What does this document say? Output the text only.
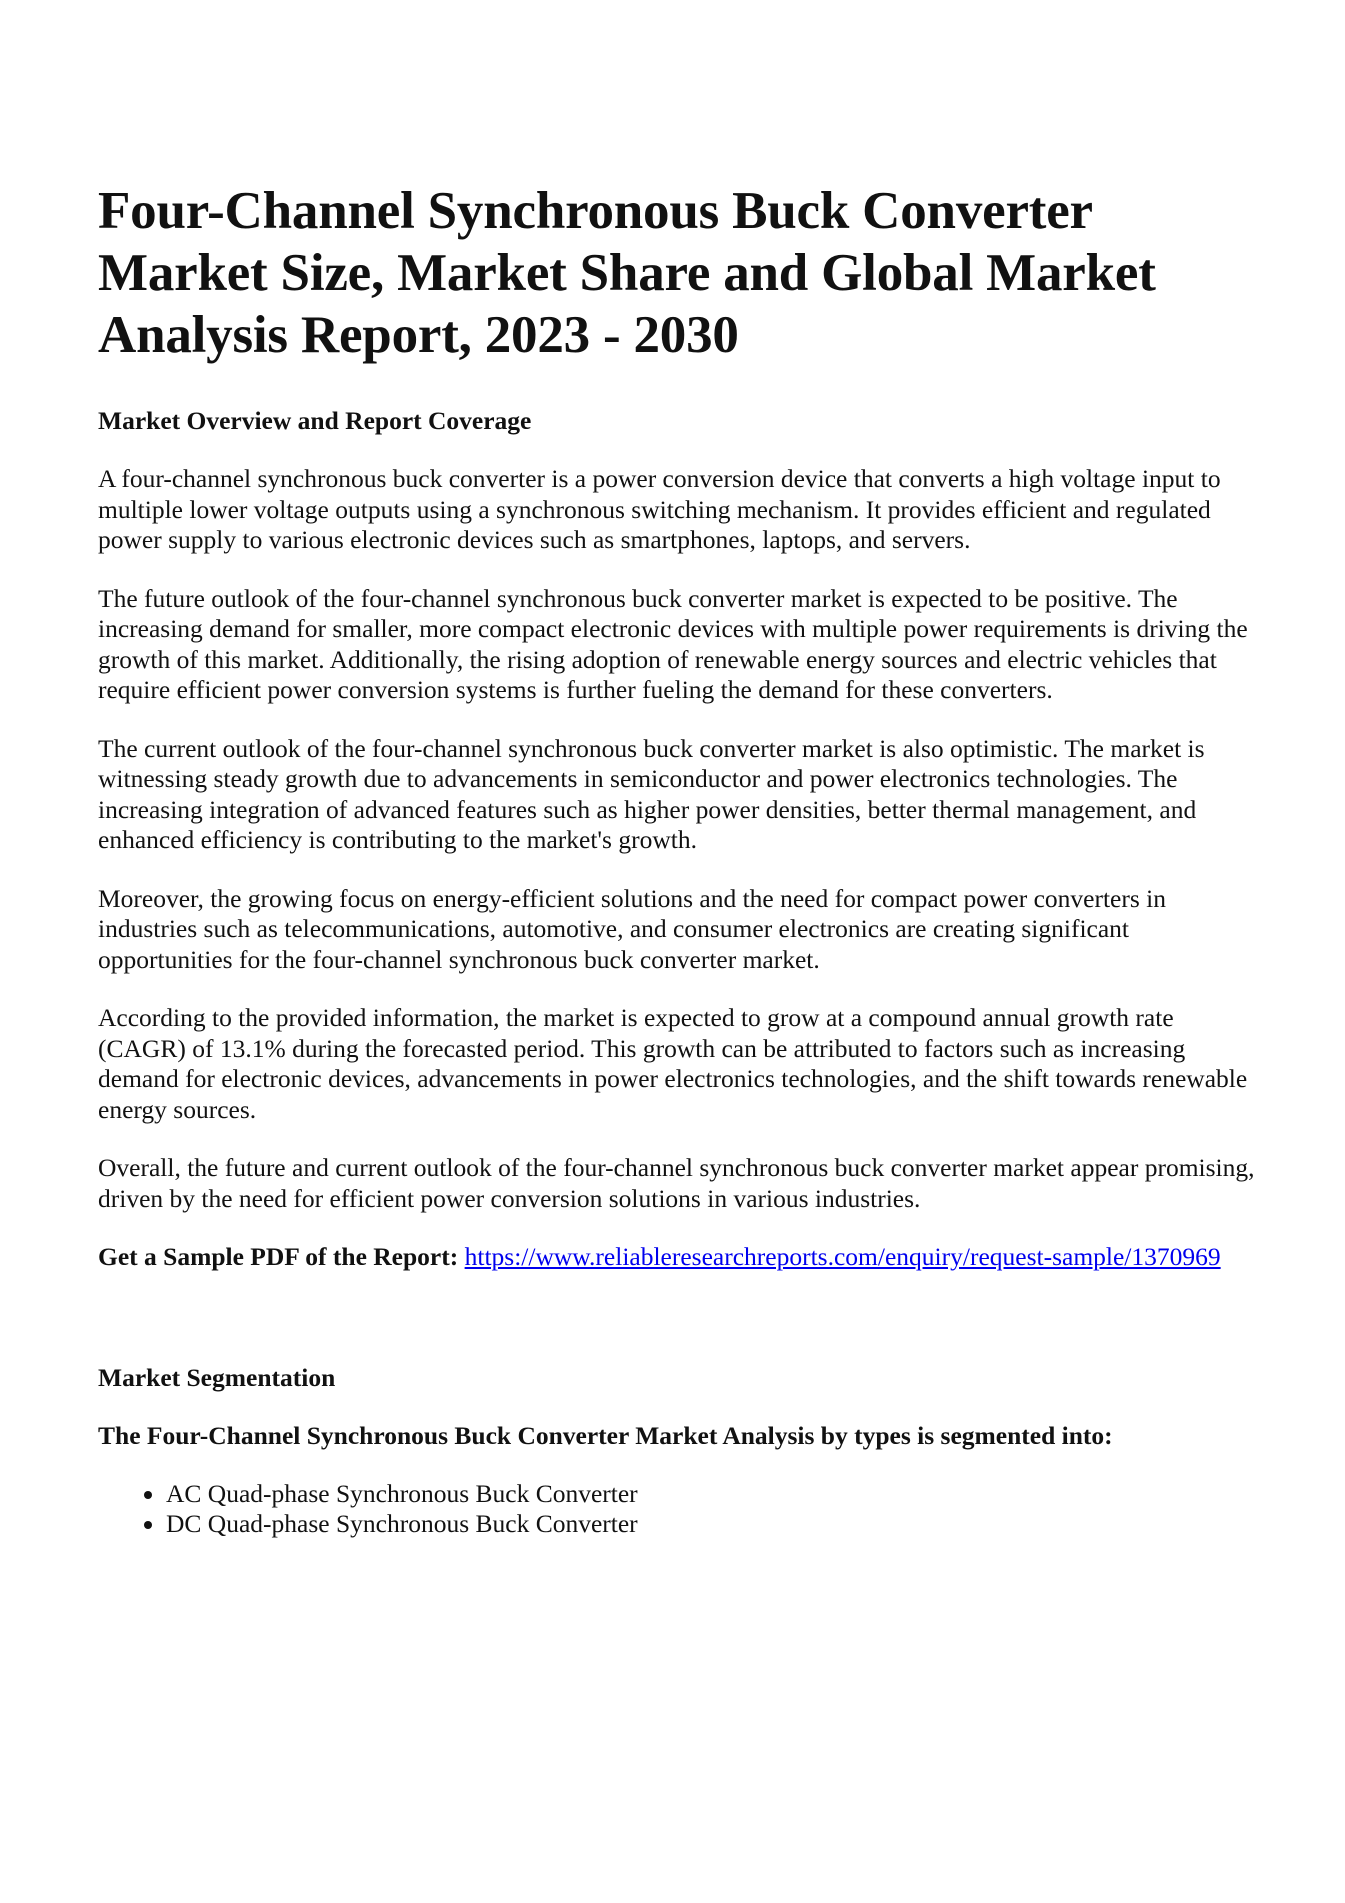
Four-Channel Synchronous Buck Converter Market Size, Market Share and Global Market Analysis Report, 2023 - 2030
Market Overview and Report Coverage

A four-channel synchronous buck converter is a power conversion device that converts a high voltage input to multiple lower voltage outputs using a synchronous switching mechanism. It provides efficient and regulated power supply to various electronic devices such as smartphones, laptops, and servers.

The future outlook of the four-channel synchronous buck converter market is expected to be positive. The increasing demand for smaller, more compact electronic devices with multiple power requirements is driving the growth of this market. Additionally, the rising adoption of renewable energy sources and electric vehicles that require efficient power conversion systems is further fueling the demand for these converters.

The current outlook of the four-channel synchronous buck converter market is also optimistic. The market is witnessing steady growth due to advancements in semiconductor and power electronics technologies. The increasing integration of advanced features such as higher power densities, better thermal management, and enhanced efficiency is contributing to the market's growth.

Moreover, the growing focus on energy-efficient solutions and the need for compact power converters in industries such as telecommunications, automotive, and consumer electronics are creating significant opportunities for the four-channel synchronous buck converter market.

According to the provided information, the market is expected to grow at a compound annual growth rate (CAGR) of 13.1% during the forecasted period. This growth can be attributed to factors such as increasing demand for electronic devices, advancements in power electronics technologies, and the shift towards renewable energy sources.

Overall, the future and current outlook of the four-channel synchronous buck converter market appear promising, driven by the need for efficient power conversion solutions in various industries.

Get a Sample PDF of the Report: https://www.reliableresearchreports.com/enquiry/request-sample/1370969

Market Segmentation
The Four-Channel Synchronous Buck Converter Market Analysis by types is segmented into:
• AC Quad-phase Synchronous Buck Converter
• DC Quad-phase Synchronous Buck Converter
